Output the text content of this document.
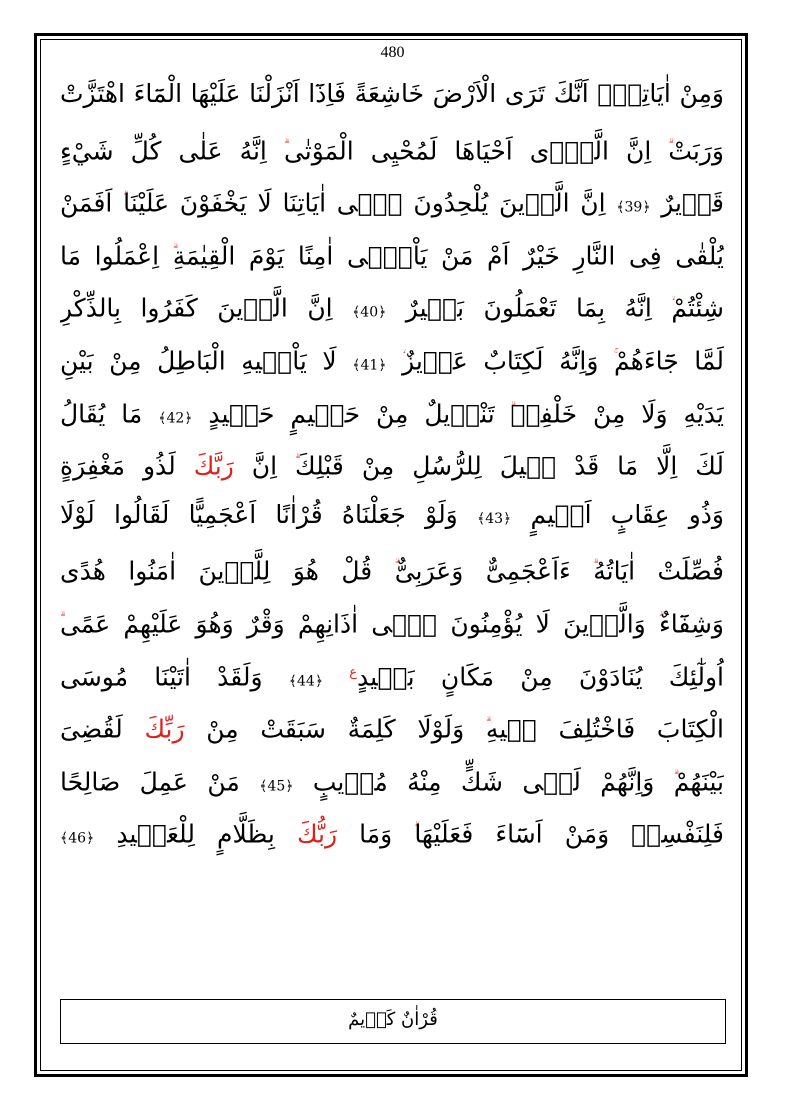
480
وَمِنْ اٰيَاتِهٖٓ اَنَّكَ تَرَى الْاَرْضَ خَاشِعَةً فَاِذَٓا اَنْزَلْنَا عَلَيْهَا الْمَٓاءَ اهْتَزَّتْ
وَرَبَتْ اِنَّ الَّذٖٓى اَحْيَاهَا لَمُحْيِى الْمَوْتٰى اِنَّهُ عَلٰى كُلِّ شَيْءٍ
قَدٖيرٌ ﴿39﴾ اِنَّ الَّذٖينَ يُلْحِدُونَ فٖٓى اٰيَاتِنَا لَا يَخْفَوْنَ عَلَيْنَا اَفَمَنْ
يُلْقٰى فِى النَّارِ خَيْرٌ اَمْ مَنْ يَاْتٖٓى اٰمِنًا يَوْمَ الْقِيٰمَةِ اِعْمَلُوا مَا
شِئْتُمْ اِنَّهُ بِمَا تَعْمَلُونَ بَصٖيرٌ ﴿40﴾ اِنَّ الَّذٖينَ كَفَرُوا بِالذِّكْرِ
لَمَّا جَٓاءَهُمْ وَاِنَّهُ لَكِتَابٌ عَزٖيزٌ ﴿41﴾ لَا يَاْتٖيهِ الْبَاطِلُ مِنْ بَيْنِ
يَدَيْهِ وَلَا مِنْ خَلْفِهٖ تَنْزٖيلٌ مِنْ حَكٖيمٍ حَمٖيدٍ ﴿42﴾ مَا يُقَالُ
لَكَ اِلَّا مَا قَدْ قٖيلَ لِلرُّسُلِ مِنْ قَبْلِكَ اِنَّ رَبَّكَ لَذُو مَغْفِرَةٍ
وَذُو عِقَابٍ اَلٖيمٍ ﴿43﴾ وَلَوْ جَعَلْنَاهُ قُرْاٰنًا اَعْجَمِيًّا لَقَالُوا لَوْلَا
فُصِّلَتْ اٰيَاتُهُ ءَاَعْجَمِىٌّ وَعَرَبِىٌّ قُلْ هُوَ لِلَّذٖينَ اٰمَنُوا هُدًى
وَشِفَٓاءٌ وَالَّذٖينَ لَا يُؤْمِنُونَ فٖٓى اٰذَانِهِمْ وَقْرٌ وَهُوَ عَلَيْهِمْ عَمًى
اُولٰٓئِكَ يُنَادَوْنَ مِنْ مَكَانٍ بَعٖيدٍ$^ع$ ﴿44﴾ وَلَقَدْ اٰتَيْنَا مُوسَى
الْكِتَابَ فَاخْتُلِفَ فٖيهِ وَلَوْلَا كَلِمَةٌ سَبَقَتْ مِنْ رَبِّكَ لَقُضِىَ
بَيْنَهُمْ وَاِنَّهُمْ لَفٖى شَكٍّ مِنْهُ مُرٖيبٍ ﴿45﴾ مَنْ عَمِلَ صَالِحًا
فَلِنَفْسِهٖ وَمَنْ اَسَٓاءَ فَعَلَيْهَا وَمَا رَبُّكَ بِظَلَّامٍ لِلْعَبٖيدِ ﴿46﴾
قُرْاٰنٌ كَرٖيمٌ
